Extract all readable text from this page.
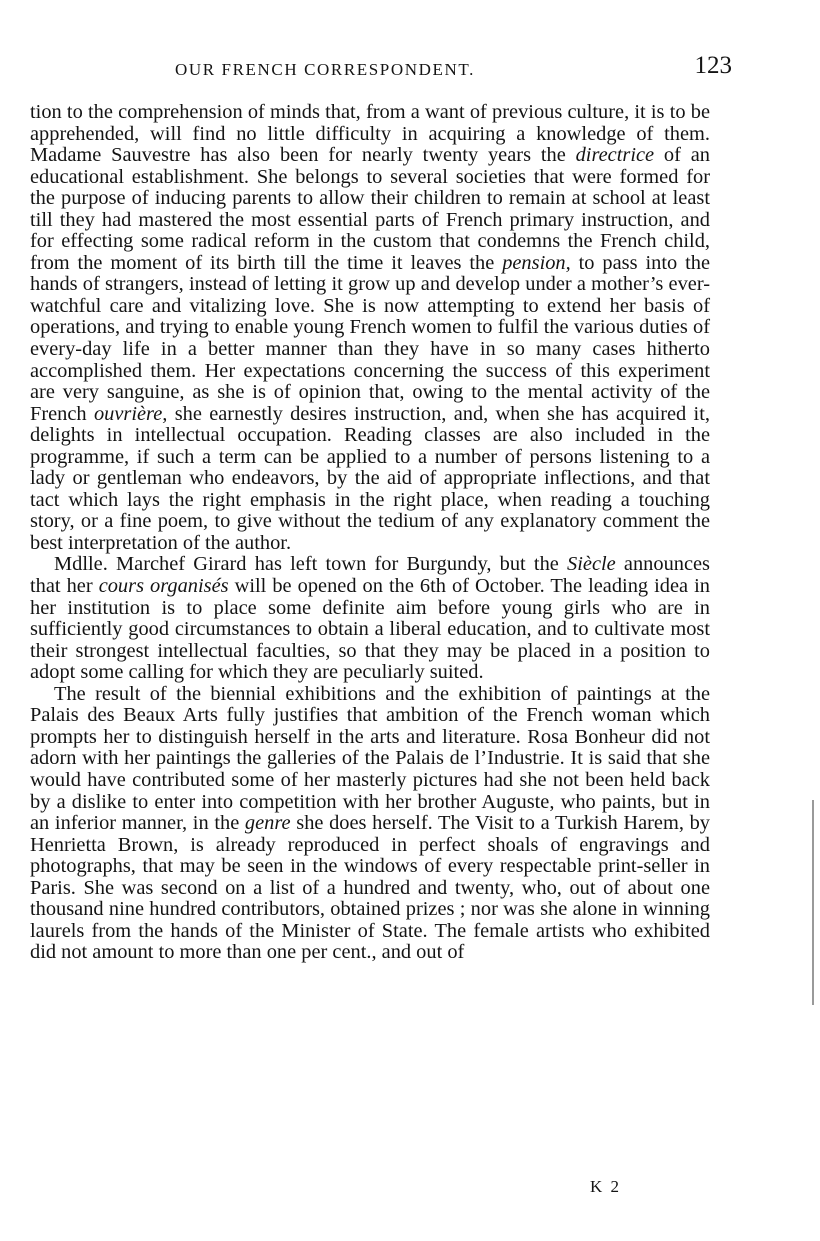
OUR FRENCH CORRESPONDENT.	123

tion to the comprehension of minds that, from a want of previous culture, it is to be apprehended, will find no little difficulty in acquiring a knowledge of them. Madame Sauvestre has also been for nearly twenty years the directrice of an educational establishment. She belongs to several societies that were formed for the purpose of inducing parents to allow their children to remain at school at least till they had mastered the most essential parts of French primary instruction, and for effecting some radical reform in the custom that condemns the French child, from the moment of its birth till the time it leaves the pension, to pass into the hands of strangers, instead of letting it grow up and develop under a mother’s ever-watchful care and vitalizing love. She is now attempting to extend her basis of operations, and trying to enable young French women to fulfil the various duties of every-day life in a better manner than they have in so many cases hitherto accomplished them. Her expectations concerning the success of this experiment are very sanguine, as she is of opinion that, owing to the mental activity of the French ouvrière, she earnestly desires instruction, and, when she has acquired it, delights in intellectual occupation. Reading classes are also included in the programme, if such a term can be applied to a number of persons listening to a lady or gentleman who endeavors, by the aid of appropriate inflections, and that tact which lays the right emphasis in the right place, when reading a touching story, or a fine poem, to give without the tedium of any explanatory comment the best interpretation of the author.

Mdlle. Marchef Girard has left town for Burgundy, but the Siècle announces that her cours organisés will be opened on the 6th of October. The leading idea in her institution is to place some definite aim before young girls who are in sufficiently good circumstances to obtain a liberal education, and to cultivate most their strongest intellectual faculties, so that they may be placed in a position to adopt some calling for which they are peculiarly suited.

The result of the biennial exhibitions and the exhibition of paintings at the Palais des Beaux Arts fully justifies that ambition of the French woman which prompts her to distinguish herself in the arts and literature. Rosa Bonheur did not adorn with her paintings the galleries of the Palais de l’Industrie. It is said that she would have contributed some of her masterly pictures had she not been held back by a dislike to enter into competition with her brother Auguste, who paints, but in an inferior manner, in the genre she does herself. The Visit to a Turkish Harem, by Henrietta Brown, is already reproduced in perfect shoals of engravings and photographs, that may be seen in the windows of every respectable print-seller in Paris. She was second on a list of a hundred and twenty, who, out of about one thousand nine hundred contributors, obtained prizes ; nor was she alone in winning laurels from the hands of the Minister of State. The female artists who exhibited did not amount to more than one per cent., and out of

K 2
